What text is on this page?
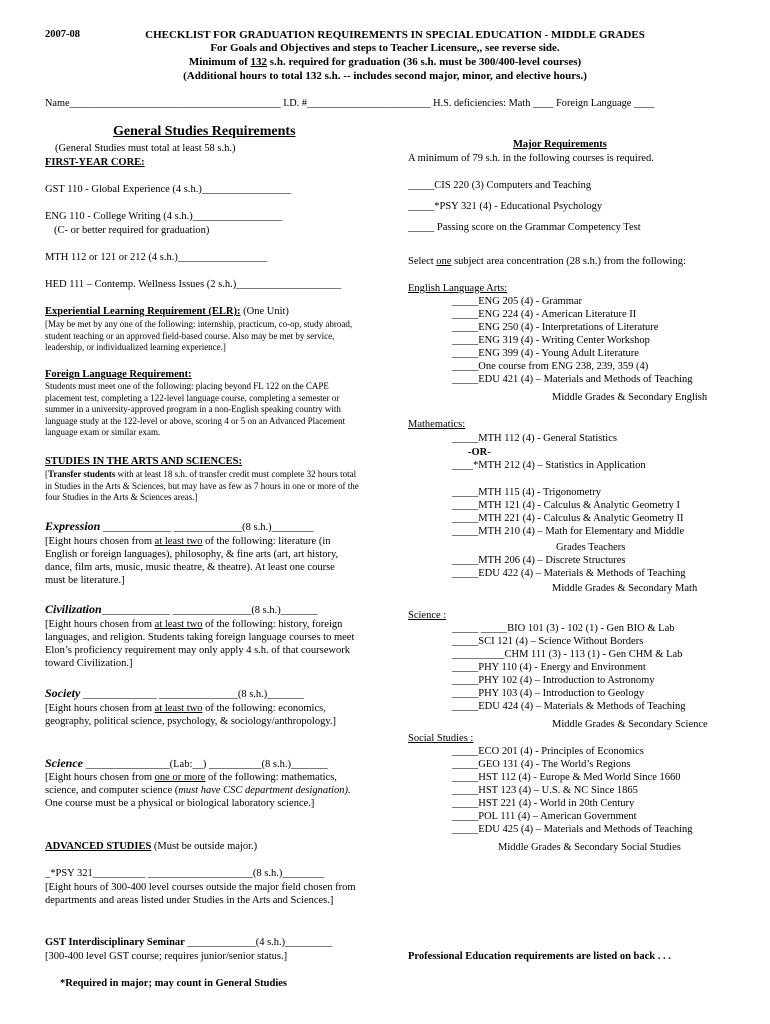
2007-08	CHECKLIST FOR GRADUATION REQUIREMENTS IN SPECIAL EDUCATION - MIDDLE GRADES
For Goals and Objectives and steps to Teacher Licensure,, see reverse side.
Minimum of 132 s.h. required for graduation (36 s.h. must be 300/400-level courses)
(Additional hours to total 132 s.h. -- includes second major, minor, and elective hours.)
Name_________________________________________ I.D. #________________________ H.S. deficiencies: Math ____ Foreign Language ____
General Studies Requirements
(General Studies must total at least 58 s.h.)
FIRST-YEAR CORE:
GST 110 - Global Experience (4 s.h.)_________________
ENG 110 - College Writing (4 s.h.)_________________
(C- or better required for graduation)
MTH 112 or 121 or 212 (4 s.h.)_________________
HED 111 – Contemp. Wellness Issues (2 s.h.)____________________
Experiential Learning Requirement (ELR): (One Unit)
[May be met by any one of the following: internship, practicum, co-op, study abroad, student teaching or an approved field-based course. Also may be met by service, leadership, or individualized learning experience.]
Foreign Language Requirement:
Students must meet one of the following: placing beyond FL 122 on the CAPE placement test, completing a 122-level language course, completing a semester or summer in a university-approved program in a non-English speaking country with language study at the 122-level or above, scoring 4 or 5 on an Advanced Placement language exam or similar exam.
STUDIES IN THE ARTS AND SCIENCES:
[Transfer students with at least 18 s.h. of transfer credit must complete 32 hours total in Studies in the Arts & Sciences, but may have as few as 7 hours in one or more of the four Studies in the Arts & Sciences areas.]
Expression _____________ _____________(8 s.h.)________
[Eight hours chosen from at least two of the following: literature (in English or foreign languages), philosophy, & fine arts (art, art history, dance, film arts, music, music theatre, & theatre). At least one course must be literature.]
Civilization_____________ _______________(8 s.h.)_______
[Eight hours chosen from at least two of the following: history, foreign languages, and religion. Students taking foreign language courses to meet Elon’s proficiency requirement may only apply 4 s.h. of that coursework toward Civilization.]
Society ______________ _______________(8 s.h.)_______
[Eight hours chosen from at least two of the following: economics, geography, political science, psychology, & sociology/anthropology.]
Science ________________(Lab:__) __________(8 s.h.)_______
[Eight hours chosen from one or more of the following: mathematics, science, and computer science (must have CSC department designation). One course must be a physical or biological laboratory science.]
ADVANCED STUDIES (Must be outside major.)
_*PSY 321__________ ____________________(8 s.h.)________
[Eight hours of 300-400 level courses outside the major field chosen from departments and areas listed under Studies in the Arts and Sciences.]
GST Interdisciplinary Seminar _____________(4 s.h.)_________
[300-400 level GST course; requires junior/senior status.]
*Required in major; may count in General Studies
Major Requirements
A minimum of 79 s.h. in the following courses is required.
_____CIS 220 (3) Computers and Teaching
_____*PSY 321 (4) - Educational Psychology
_____ Passing score on the Grammar Competency Test
Select one subject area concentration (28 s.h.) from the following:
English Language Arts:
_____ENG 205 (4) - Grammar
_____ENG 224 (4) - American Literature II
_____ENG 250 (4) - Interpretations of Literature
_____ENG 319 (4) - Writing Center Workshop
_____ENG 399 (4) - Young Adult Literature
_____One course from ENG 238, 239, 359 (4)
_____EDU 421 (4) – Materials and Methods of Teaching
Middle Grades & Secondary English
Mathematics:
_____MTH 112 (4) - General Statistics
-OR-
____*MTH 212 (4) – Statistics in Application
_____MTH 115 (4) - Trigonometry
_____MTH 121 (4) - Calculus & Analytic Geometry I
_____MTH 221 (4) - Calculus & Analytic Geometry II
_____MTH 210 (4) – Math for Elementary and Middle
Grades Teachers
_____MTH 206 (4) – Discrete Structures
_____EDU 422 (4) – Materials & Methods of Teaching
Middle Grades & Secondary Math
Science :
_____ _____BIO 101 (3) - 102 (1) - Gen BIO & Lab
_____SCI 121 (4) – Science Without Borders
__________CHM 111 (3) - 113 (1) - Gen CHM & Lab
_____PHY 110 (4) - Energy and Environment
_____PHY 102 (4) – Introduction to Astronomy
_____PHY 103 (4) – Introduction to Geology
_____EDU 424 (4) – Materials & Methods of Teaching
Middle Grades & Secondary Science
Social Studies :
_____ECO 201 (4) - Principles of Economics
_____GEO 131 (4) - The World’s Regions
_____HST 112 (4) - Europe & Med World Since 1660
_____HST 123 (4) – U.S. & NC Since 1865
_____HST 221 (4) - World in 20th Century
_____POL 111 (4) – American Government
_____EDU 425 (4) – Materials and Methods of Teaching
Middle Grades & Secondary Social Studies
Professional Education requirements are listed on back . . .
